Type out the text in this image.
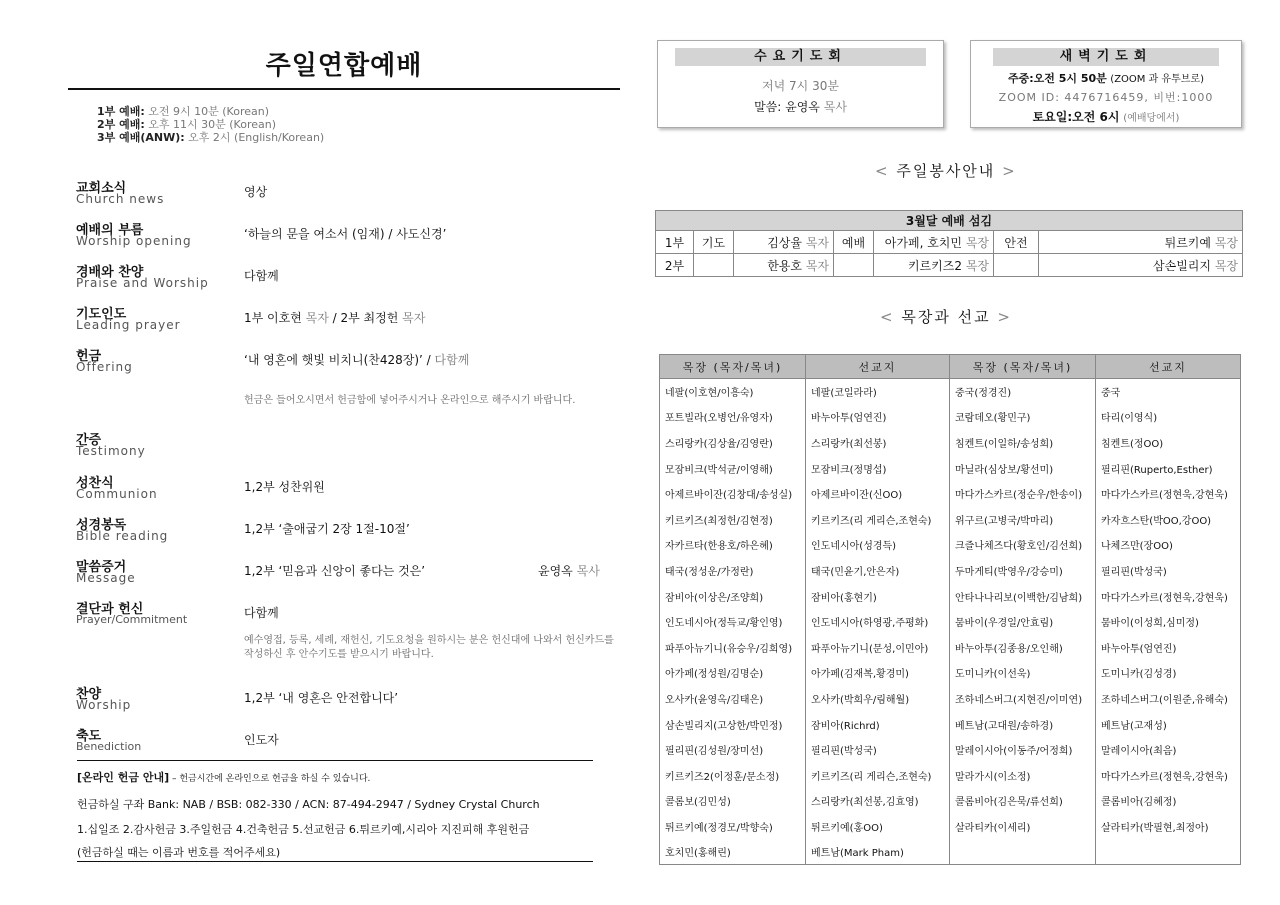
주일연합예배
1부 예배: 오전 9시 10분 (Korean)
2부 예배: 오후 11시 30분 (Korean)
3부 예배(ANW): 오후 2시 (English/Korean)
교회소식
Church news	영상
예배의 부름
Worship opening	‘하늘의 문을 여소서 (임재) / 사도신경’
경배와 찬양
Praise and Worship	다함께
기도인도
Leading prayer	1부 이호현 목자 / 2부 최정헌 목자
헌금
Offering	‘내 영혼에 햇빛 비치니(찬428장)’ / 다함께
헌금은 들어오시면서 헌금함에 넣어주시거나 온라인으로 해주시기 바랍니다.
간증
Testimony
성찬식
Communion	1,2부 성찬위원
성경봉독
Bible reading	1,2부 ‘출애굽기 2장 1절-10절’
말씀증거
Message	1,2부 ‘믿음과 신앙이 좋다는 것은’	윤영옥 목사
결단과 헌신
Prayer/Commitment	다함께
예수영접, 등록, 세례, 재헌신, 기도요청을 원하시는 분은 헌신대에 나와서 헌신카드를 작성하신 후 안수기도를 받으시기 바랍니다.
찬양
Worship	1,2부 ‘내 영혼은 안전합니다’
축도
Benediction	인도자
[온라인 헌금 안내] – 헌금시간에 온라인으로 헌금을 하실 수 있습니다.
헌금하실 구좌 Bank: NAB / BSB: 082-330 / ACN: 87-494-2947 / Sydney Crystal Church
1.십일조 2.감사헌금 3.주일헌금 4.건축헌금 5.선교헌금 6.튀르키예,시리아 지진피해 후원헌금
(헌금하실 때는 이름과 번호를 적어주세요)
수요기도회
저녁 7시 30분
말씀: 윤영옥 목사
새벽기도회
주중:오전 5시 50분 (ZOOM 과 유투브로)
ZOOM ID: 4476716459, 비번:1000
토요일:오전 6시 (예배당에서)
< 주일봉사안내 >
3월달 예배 섬김						
1부	기도	김상율 목자	예배	아가페, 호치민 목장	안전	튀르키예 목장
2부		한용호 목자		키르키즈2 목장		삼손빌리지 목장
< 목장과 선교 >
목장 (목자/목녀)	선교지	목장 (목자/목녀)	선교지
네팔(이호현/이흥숙)	네팔(코일라라)	중국(정경진)	중국
포트빌라(오병언/유영자)	바누아투(엄연진)	코람데오(황민구)	타리(이영식)
스리랑카(김상율/김영란)	스리랑카(최선봉)	침켄트(이일하/송성희)	침켄트(정OO)
모잠비크(박석균/이영해)	모잠비크(정명섭)	마닐라(심상보/황선미)	필리핀(Ruperto,Esther)
아제르바이잔(김창대/송성실)	아제르바이잔(신OO)	마다가스카르(정순우/한송이)	마다가스카르(정현욱,강현욱)
키르키즈(최정헌/김현정)	키르키즈(리 게리슨,조현숙)	위구르(고병국/박마리)	카자흐스탄(박OO,강OO)
자카르타(한용호/하은혜)	인도네시아(성경득)	크즐나체즈다(황호인/김선희)	나체즈만(장OO)
태국(정성운/가정란)	태국(민윤기,안은자)	두마게티(박영우/강승미)	필리핀(박성국)
잠비아(이상은/조양희)	잠비아(홍현기)	안타나나리보(이백한/김남희)	마다가스카르(정현욱,강현욱)
인도네시아(정득교/황인영)	인도네시아(하영광,주평화)	뭄바이(우경일/안효림)	뭄바이(이성희,심미정)
파푸아뉴기니(유승우/김희영)	파푸아뉴기니(문성,이민아)	바누아투(김종용/오인해)	바누아투(엄연진)
아가페(정성원/김명순)	아가페(김재복,황경미)	도미니카(이선욱)	도미니카(김성경)
오사카(윤영옥/김태은)	오사카(박희우/림해월)	조하네스버그(지현진/이미연)	조하네스버그(이원준,유해숙)
삼손빌리지(고상한/박민정)	잠비아(Richrd)	베트남(고대원/송하경)	베트남(고재성)
필리핀(김성원/장미선)	필리핀(박성국)	말레이시아(이동주/어정희)	말레이시아(최음)
키르키즈2(이정훈/문소정)	키르키즈(리 게리슨,조현숙)	말라가시(이소정)	마다가스카르(정현욱,강현욱)
콜롬보(김민성)	스리랑카(최선봉,김효영)	콜롬비아(김은묵/류선희)	콜롬비아(김혜정)
튀르키예(정경모/박향숙)	튀르키예(홍OO)	살라티카(이세리)	살라티카(박필현,최정아)
호치민(홍해린)	베트남(Mark Pham)		
